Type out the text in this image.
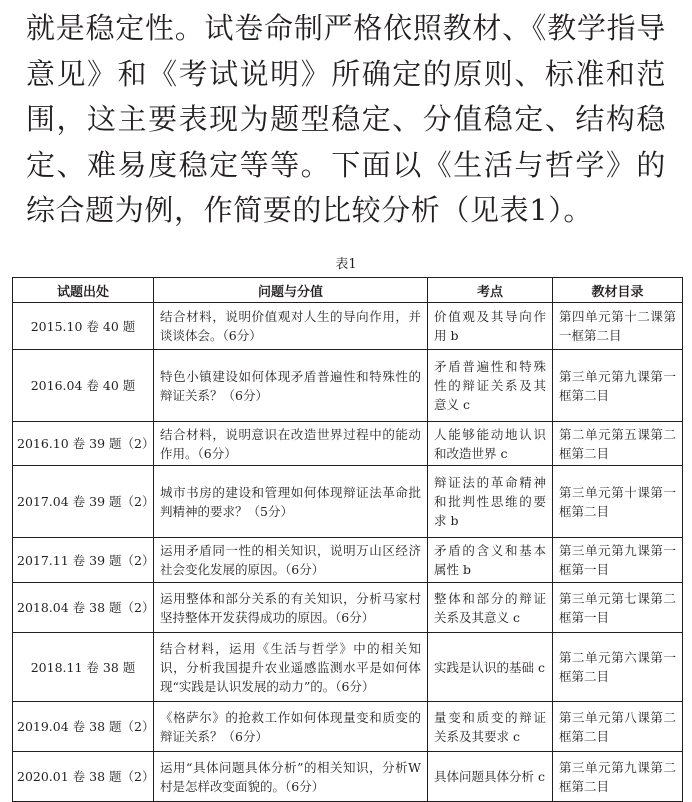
就是稳定性。试卷命制严格依照教材、《教学指导意见》和《考试说明》所确定的原则、标准和范围，这主要表现为题型稳定、分值稳定、结构稳定、难易度稳定等等。下面以《生活与哲学》的综合题为例，作简要的比较分析（见表1）。
表1
试题出处	问题与分值	考点	教材目录
2015.10 卷 40 题	结合材料，说明价值观对人生的导向作用，并谈谈体会。（6分）	价值观及其导向作用 b	第四单元第十二课第一框第二目
2016.04 卷 40 题	特色小镇建设如何体现矛盾普遍性和特殊性的辩证关系？（6分）	矛盾普遍性和特殊性的辩证关系及其意义 c	第三单元第九课第一框第二目
2016.10 卷 39 题（2）	结合材料，说明意识在改造世界过程中的能动作用。（6分）	人能够能动地认识和改造世界 c	第二单元第五课第二框第二目
2017.04 卷 39 题（2）	城市书房的建设和管理如何体现辩证法革命批判精神的要求？（5分）	辩证法的革命精神和批判性思维的要求 b	第三单元第十课第一框第二目
2017.11 卷 39 题（2）	运用矛盾同一性的相关知识，说明万山区经济社会变化发展的原因。（6分）	矛盾的含义和基本属性 b	第三单元第九课第一框第一目
2018.04 卷 38 题（2）	运用整体和部分关系的有关知识，分析马家村坚持整体开发获得成功的原因。（6分）	整体和部分的辩证关系及其意义 c	第三单元第七课第二框第一目
2018.11 卷 38 题	结合材料，运用《生活与哲学》中的相关知识，分析我国提升农业遥感监测水平是如何体现“实践是认识发展的动力”的。（6分）	实践是认识的基础 c	第二单元第六课第一框第二目
2019.04 卷 38 题（2）	《格萨尔》的抢救工作如何体现量变和质变的辩证关系？（6分）	量变和质变的辩证关系及其要求 c	第三单元第八课第二框第二目
2020.01 卷 38 题（2）	运用“具体问题具体分析”的相关知识，分析W村是怎样改变面貌的。（6分）	具体问题具体分析 c	第三单元第九课第二框第二目
